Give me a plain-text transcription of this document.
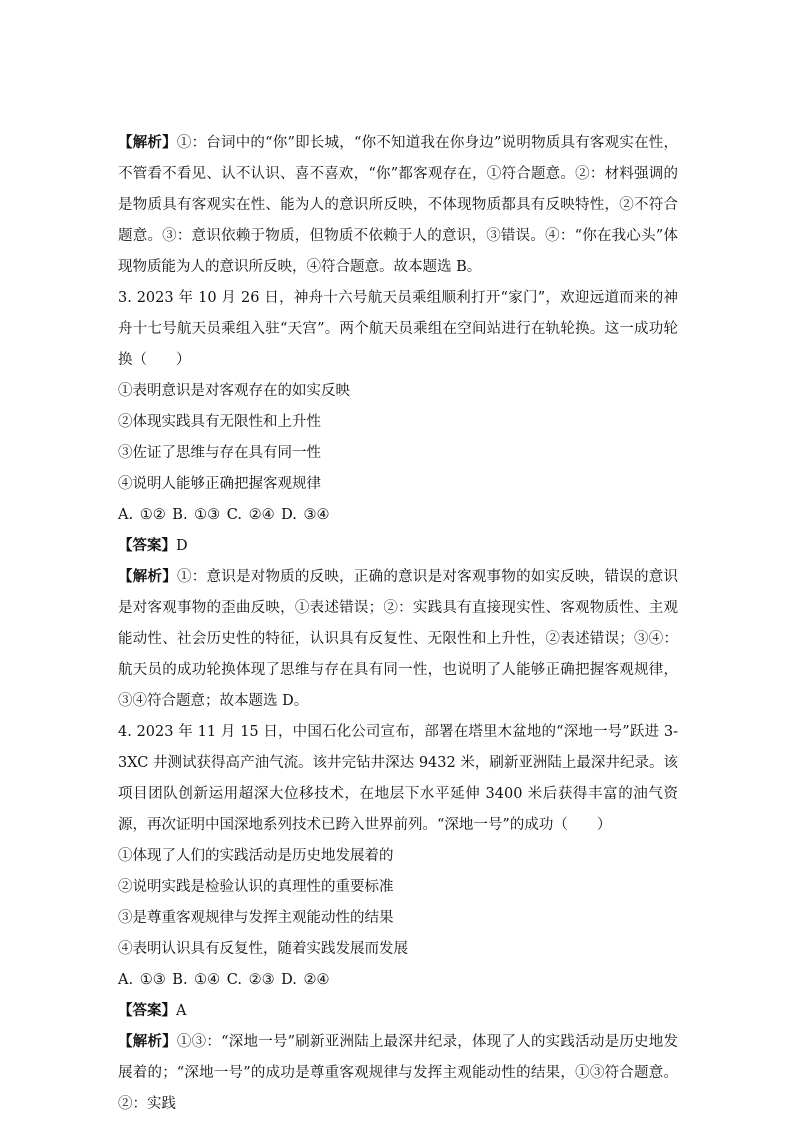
【解析】①：台词中的“你”即长城，“你不知道我在你身边”说明物质具有客观实在性，不管看不看见、认不认识、喜不喜欢，“你”都客观存在，①符合题意。②：材料强调的是物质具有客观实在性、能为人的意识所反映，不体现物质都具有反映特性，②不符合题意。③：意识依赖于物质，但物质不依赖于人的意识，③错误。④：“你在我心头”体现物质能为人的意识所反映，④符合题意。故本题选 B。

3. 2023 年 10 月 26 日，神舟十六号航天员乘组顺利打开“家门”，欢迎远道而来的神舟十七号航天员乘组入驻“天宫”。两个航天员乘组在空间站进行在轨轮换。这一成功轮换（　　）

①表明意识是对客观存在的如实反映

②体现实践具有无限性和上升性

③佐证了思维与存在具有同一性

④说明人能够正确把握客观规律

A. ①② B. ①③ C. ②④ D. ③④

【答案】D

【解析】①：意识是对物质的反映，正确的意识是对客观事物的如实反映，错误的意识是对客观事物的歪曲反映，①表述错误；②：实践具有直接现实性、客观物质性、主观能动性、社会历史性的特征，认识具有反复性、无限性和上升性，②表述错误；③④：航天员的成功轮换体现了思维与存在具有同一性，也说明了人能够正确把握客观规律，③④符合题意；故本题选 D。

4. 2023 年 11 月 15 日，中国石化公司宣布，部署在塔里木盆地的“深地一号”跃进 3-3XC 井测试获得高产油气流。该井完钻井深达 9432 米，刷新亚洲陆上最深井纪录。该项目团队创新运用超深大位移技术，在地层下水平延伸 3400 米后获得丰富的油气资源，再次证明中国深地系列技术已跨入世界前列。“深地一号”的成功（　　）

①体现了人们的实践活动是历史地发展着的

②说明实践是检验认识的真理性的重要标准

③是尊重客观规律与发挥主观能动性的结果

④表明认识具有反复性，随着实践发展而发展

A. ①③ B. ①④ C. ②③ D. ②④

【答案】A

【解析】①③：“深地一号”刷新亚洲陆上最深井纪录，体现了人的实践活动是历史地发展着的；“深地一号”的成功是尊重客观规律与发挥主观能动性的结果，①③符合题意。②：实践
